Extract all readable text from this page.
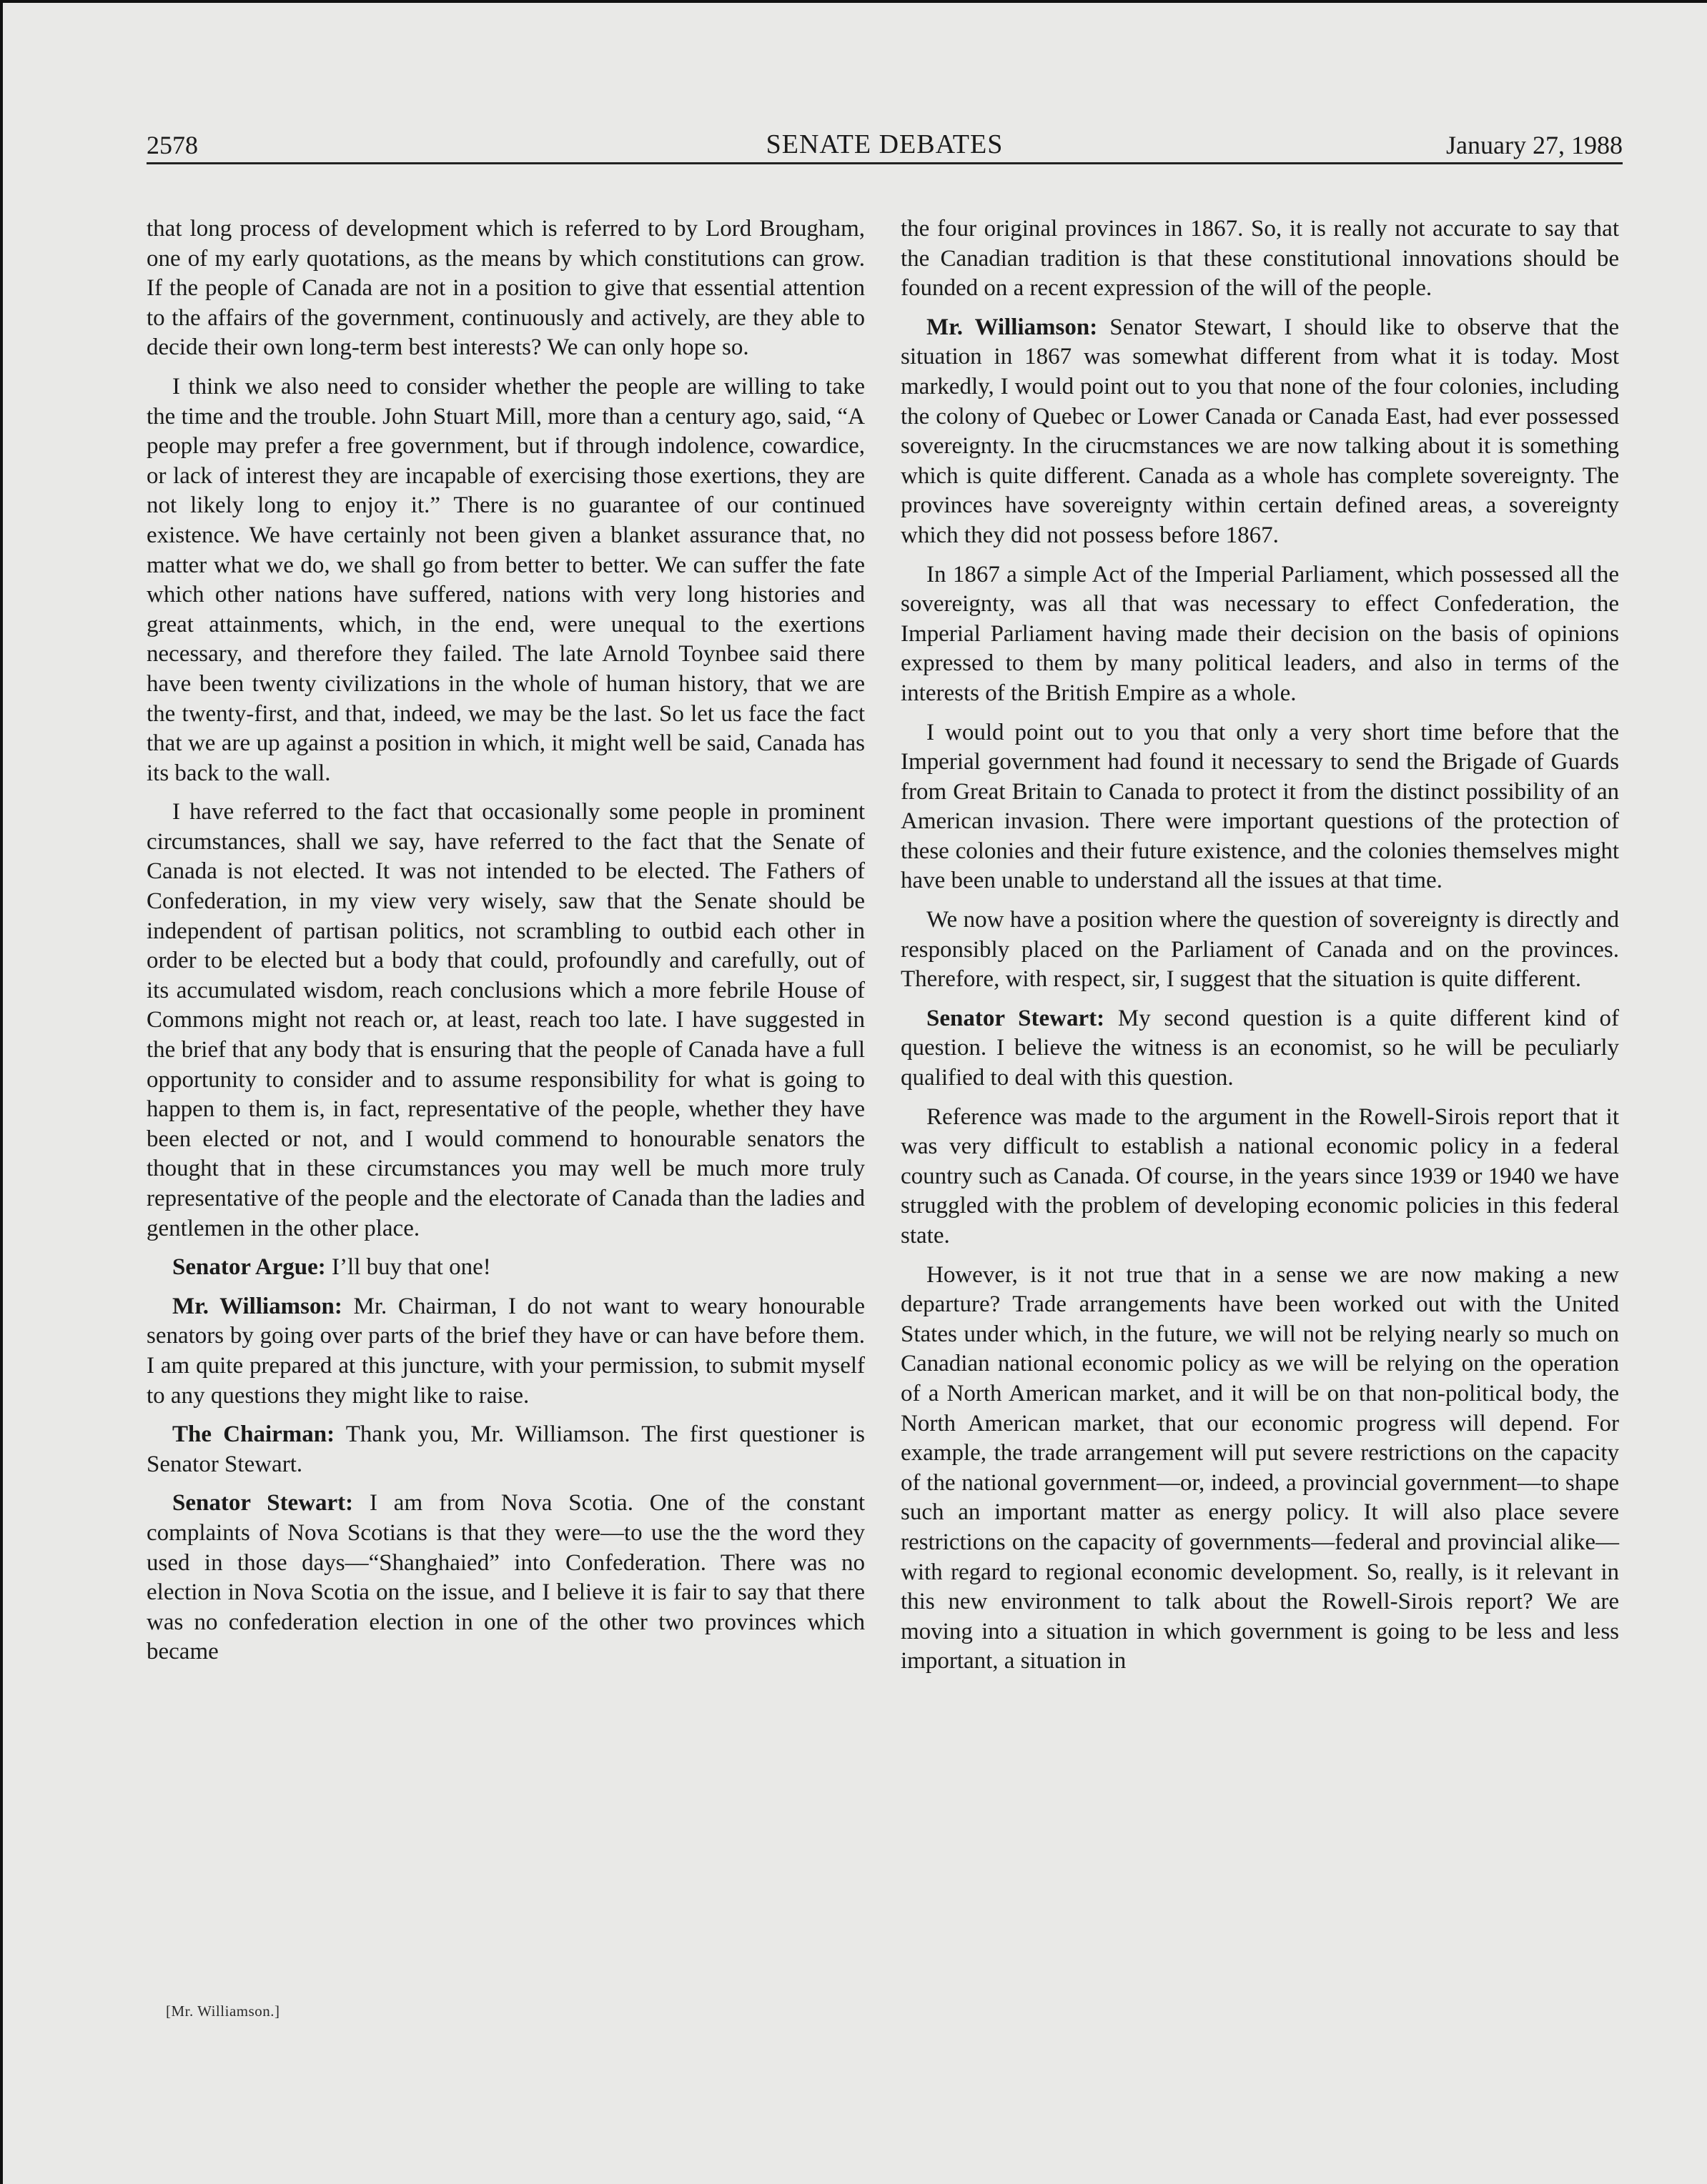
2578	SENATE DEBATES	January 27, 1988

that long process of development which is referred to by Lord Brougham, one of my early quotations, as the means by which constitutions can grow. If the people of Canada are not in a position to give that essential attention to the affairs of the government, continuously and actively, are they able to decide their own long-term best interests? We can only hope so.

I think we also need to consider whether the people are willing to take the time and the trouble. John Stuart Mill, more than a century ago, said, “A people may prefer a free government, but if through indolence, cowardice, or lack of interest they are incapable of exercising those exertions, they are not likely long to enjoy it.” There is no guarantee of our continued existence. We have certainly not been given a blanket assurance that, no matter what we do, we shall go from better to better. We can suffer the fate which other nations have suffered, nations with very long histories and great attainments, which, in the end, were unequal to the exertions necessary, and therefore they failed. The late Arnold Toynbee said there have been twenty civilizations in the whole of human history, that we are the twenty-first, and that, indeed, we may be the last. So let us face the fact that we are up against a position in which, it might well be said, Canada has its back to the wall.

I have referred to the fact that occasionally some people in prominent circumstances, shall we say, have referred to the fact that the Senate of Canada is not elected. It was not intended to be elected. The Fathers of Confederation, in my view very wisely, saw that the Senate should be independent of partisan politics, not scrambling to outbid each other in order to be elected but a body that could, profoundly and carefully, out of its accumulated wisdom, reach conclusions which a more febrile House of Commons might not reach or, at least, reach too late. I have suggested in the brief that any body that is ensuring that the people of Canada have a full opportunity to consider and to assume responsibility for what is going to happen to them is, in fact, representative of the people, whether they have been elected or not, and I would commend to honourable senators the thought that in these circumstances you may well be much more truly representative of the people and the electorate of Canada than the ladies and gentlemen in the other place.

Senator Argue: I’ll buy that one!

Mr. Williamson: Mr. Chairman, I do not want to weary honourable senators by going over parts of the brief they have or can have before them. I am quite prepared at this juncture, with your permission, to submit myself to any questions they might like to raise.

The Chairman: Thank you, Mr. Williamson. The first questioner is Senator Stewart.

Senator Stewart: I am from Nova Scotia. One of the constant complaints of Nova Scotians is that they were—to use the the word they used in those days—“Shanghaied” into Confederation. There was no election in Nova Scotia on the issue, and I believe it is fair to say that there was no confederation election in one of the other two provinces which became

the four original provinces in 1867. So, it is really not accurate to say that the Canadian tradition is that these constitutional innovations should be founded on a recent expression of the will of the people.

Mr. Williamson: Senator Stewart, I should like to observe that the situation in 1867 was somewhat different from what it is today. Most markedly, I would point out to you that none of the four colonies, including the colony of Quebec or Lower Canada or Canada East, had ever possessed sovereignty. In the cirucmstances we are now talking about it is something which is quite different. Canada as a whole has complete sovereignty. The provinces have sovereignty within certain defined areas, a sovereignty which they did not possess before 1867.

In 1867 a simple Act of the Imperial Parliament, which possessed all the sovereignty, was all that was necessary to effect Confederation, the Imperial Parliament having made their decision on the basis of opinions expressed to them by many political leaders, and also in terms of the interests of the British Empire as a whole.

I would point out to you that only a very short time before that the Imperial government had found it necessary to send the Brigade of Guards from Great Britain to Canada to protect it from the distinct possibility of an American invasion. There were important questions of the protection of these colonies and their future existence, and the colonies themselves might have been unable to understand all the issues at that time.

We now have a position where the question of sovereignty is directly and responsibly placed on the Parliament of Canada and on the provinces. Therefore, with respect, sir, I suggest that the situation is quite different.

Senator Stewart: My second question is a quite different kind of question. I believe the witness is an economist, so he will be peculiarly qualified to deal with this question.

Reference was made to the argument in the Rowell-Sirois report that it was very difficult to establish a national economic policy in a federal country such as Canada. Of course, in the years since 1939 or 1940 we have struggled with the problem of developing economic policies in this federal state.

However, is it not true that in a sense we are now making a new departure? Trade arrangements have been worked out with the United States under which, in the future, we will not be relying nearly so much on Canadian national economic policy as we will be relying on the operation of a North American market, and it will be on that non-political body, the North American market, that our economic progress will depend. For example, the trade arrangement will put severe restrictions on the capacity of the national government—or, indeed, a provincial government—to shape such an important matter as energy policy. It will also place severe restrictions on the capacity of governments—federal and provincial alike—with regard to regional economic development. So, really, is it relevant in this new environment to talk about the Rowell-Sirois report? We are moving into a situation in which government is going to be less and less important, a situation in

[Mr. Williamson.]
